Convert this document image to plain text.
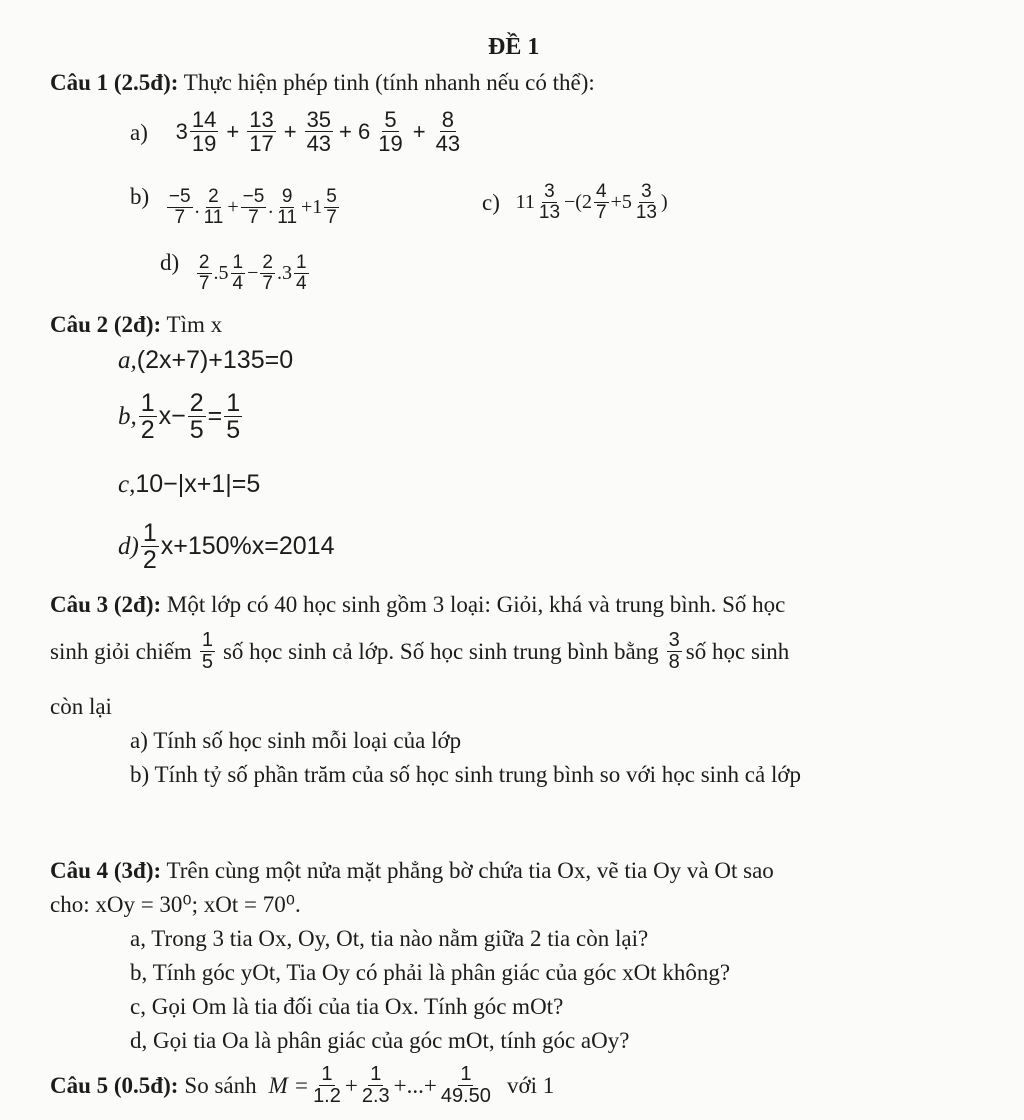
ĐỀ 1
Câu 1 (2.5đ): Thực hiện phép tinh (tính nhanh nếu có thể):
a) 3 14
$19 + \frac{13}{17} + \frac{35}{43} + 6$ 5
$19 + \frac{8}{43}$
b) −5
7 . 2
$11 + \frac{-5}{7}$ . 9
11 +1 5
7
c) 11 3
13 −(2 4
7 +5 3
13 )
d) 2
7 .5 1
$4 - \frac{2}{7} .3$ 1
4
Câu 2 (2đ): Tìm x
a,(2x+7)+135=0
b, 1
2 $x- \frac{2}{5} = \frac{1}{5}$
c,10−|x+1|=5
d) 1
2 x+150%x=2014
Câu 3 (2đ): Một lớp có 40 học sinh gồm 3 loại: Giỏi, khá và trung bình. Số học
sinh giỏi chiếm 1
5 số học sinh cả lớp. Số học sinh trung bình bằng 3
8 số học sinh
còn lại
a) Tính số học sinh mỗi loại của lớp
b) Tính tỷ số phần trăm của số học sinh trung bình so với học sinh cả lớp
Câu 4 (3đ): Trên cùng một nửa mặt phẳng bờ chứa tia Ox, vẽ tia Oy và Ot sao
cho: xOy = 30⁰; xOt = 70⁰.
a, Trong 3 tia Ox, Oy, Ot, tia nào nằm giữa 2 tia còn lại?
b, Tính góc yOt, Tia Oy có phải là phân giác của góc xOt không?
c, Gọi Om là tia đối của tia Ox. Tính góc mOt?
d, Gọi tia Oa là phân giác của góc mOt, tính góc aOy?
Câu 5 (0.5đ): So sánh $M = \frac{1}{1.2} + \frac{1}{2.3}$ +...+ $\frac{1}{49.50}$ với 1
